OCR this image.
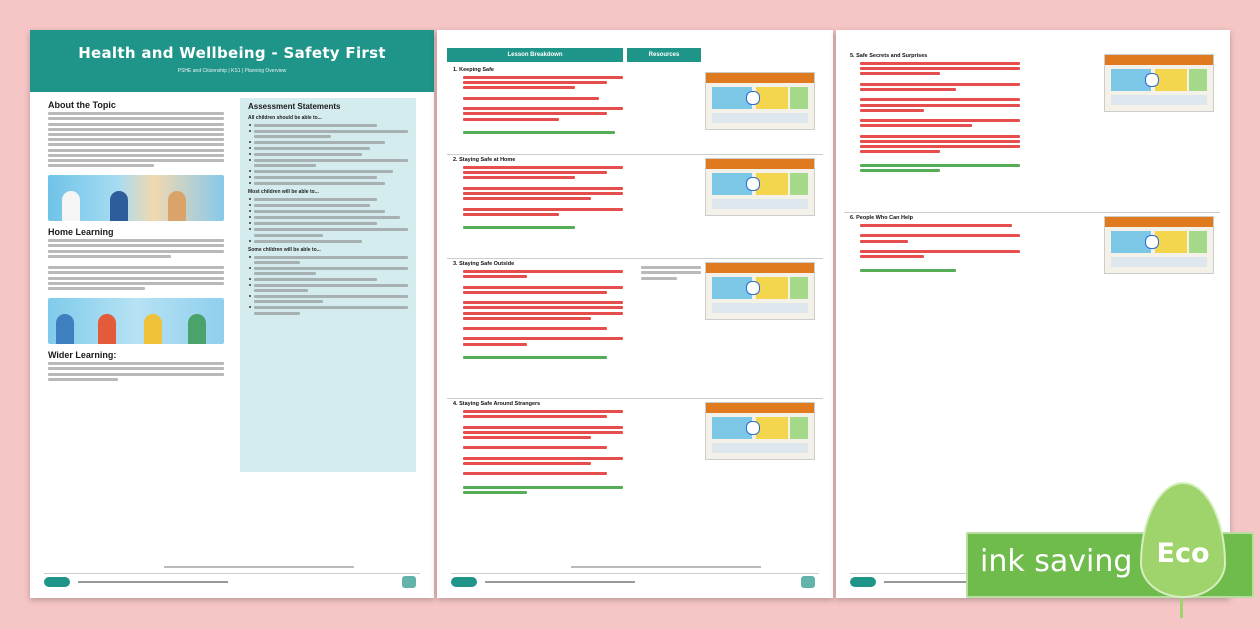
Health and Wellbeing - Safety First
PSHE and Citizenship | KS1 | Planning Overview
About the Topic
Home Learning
Wider Learning:
Assessment Statements
All children should be able to...
Most children will be able to...
Some children will be able to...
Lesson Breakdown	Resources
1. Keeping Safe
2. Staying Safe at Home
3. Staying Safe Outside
4. Staying Safe Around Strangers
5. Safe Secrets and Surprises
6. People Who Can Help
ink saving Eco
